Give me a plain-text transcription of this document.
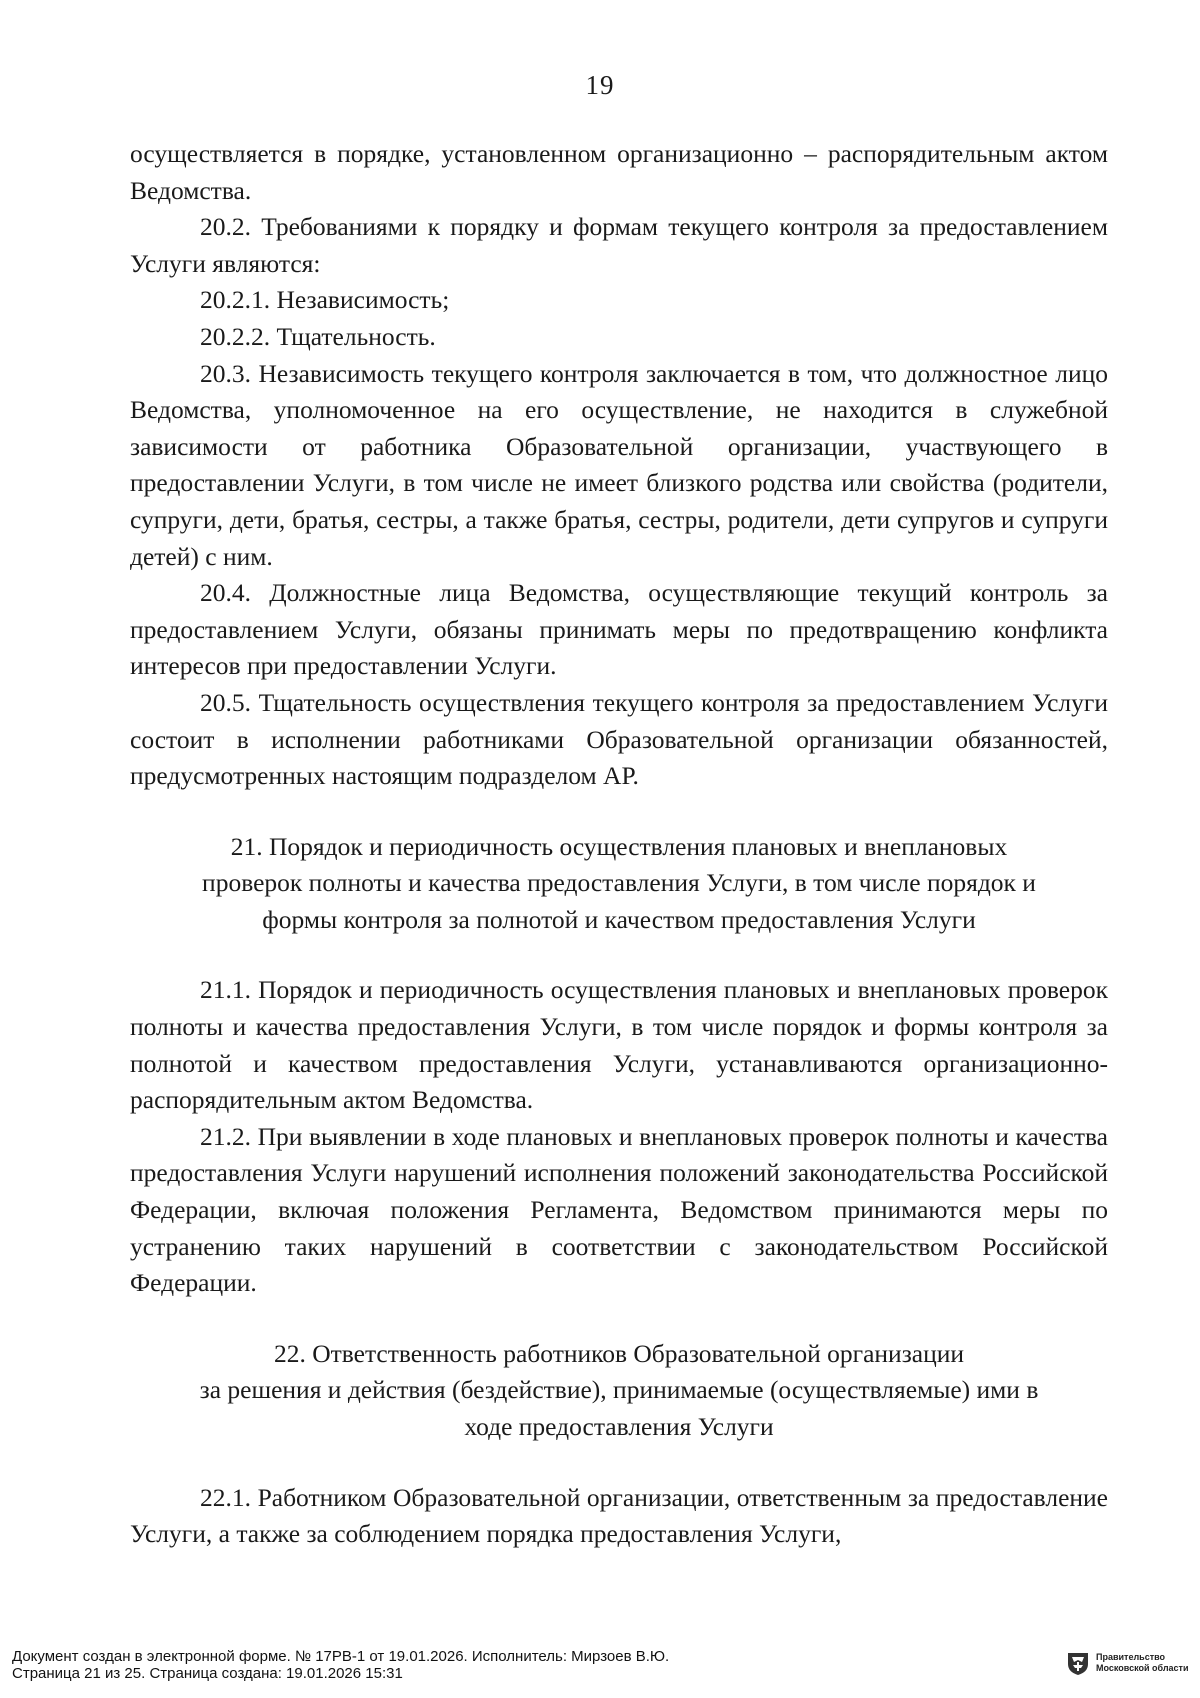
19

осуществляется в порядке, установленном организационно – распорядительным актом Ведомства.

20.2. Требованиями к порядку и формам текущего контроля за предоставлением Услуги являются:

20.2.1. Независимость;

20.2.2. Тщательность.

20.3. Независимость текущего контроля заключается в том, что должностное лицо Ведомства, уполномоченное на его осуществление, не находится в служебной зависимости от работника Образовательной организации, участвующего в предоставлении Услуги, в том числе не имеет близкого родства или свойства (родители, супруги, дети, братья, сестры, а также братья, сестры, родители, дети супругов и супруги детей) с ним.

20.4. Должностные лица Ведомства, осуществляющие текущий контроль за предоставлением Услуги, обязаны принимать меры по предотвращению конфликта интересов при предоставлении Услуги.

20.5. Тщательность осуществления текущего контроля за предоставлением Услуги состоит в исполнении работниками Образовательной организации обязанностей, предусмотренных настоящим подразделом АР.

21. Порядок и периодичность осуществления плановых и внеплановых
проверок полноты и качества предоставления Услуги, в том числе порядок и
формы контроля за полнотой и качеством предоставления Услуги

21.1. Порядок и периодичность осуществления плановых и внеплановых проверок полноты и качества предоставления Услуги, в том числе порядок и формы контроля за полнотой и качеством предоставления Услуги, устанавливаются организационно-распорядительным актом Ведомства.

21.2. При выявлении в ходе плановых и внеплановых проверок полноты и качества предоставления Услуги нарушений исполнения положений законодательства Российской Федерации, включая положения Регламента, Ведомством принимаются меры по устранению таких нарушений в соответствии с законодательством Российской Федерации.

22. Ответственность работников Образовательной организации
за решения и действия (бездействие), принимаемые (осуществляемые) ими в
ходе предоставления Услуги

22.1. Работником Образовательной организации, ответственным за предоставление Услуги, а также за соблюдением порядка предоставления Услуги,

Документ создан в электронной форме. № 17РВ-1 от 19.01.2026. Исполнитель: Мирзоев В.Ю.
Страница 21 из 25. Страница создана: 19.01.2026 15:31
Правительство
Московской области
